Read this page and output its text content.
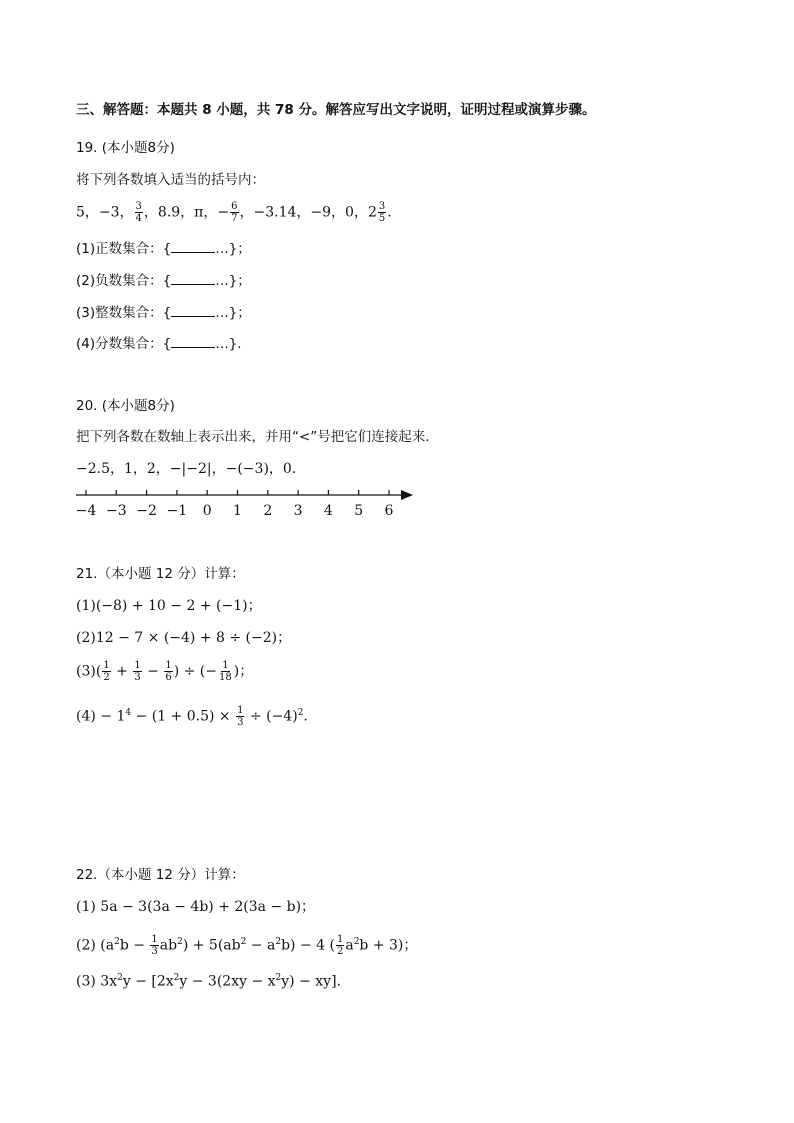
三、解答题：本题共 8 小题，共 78 分。解答应写出文字说明，证明过程或演算步骤。
19. (本小题8分)
将下列各数填入适当的括号内：
5，−3， $\frac{3}{4}$ ，8.9，π，− $\frac{6}{7}$ ，−3.14，−9，0，$2 \frac{3}{5}$ .
(1)正数集合：{	…}；
(2)负数集合：{	…}；
(3)整数集合：{	…}；
(4)分数集合：{	…}.
20. (本小题8分)
把下列各数在数轴上表示出来，并用“<”号把它们连接起来.
−2.5，1，2，−|−2|，−(−3)，0.
−4 −3 −2 −1 0 1 2 3 4 5 6
21.（本小题 12 分）计算：
(1)(−8) + 10 − 2 + (−1)；
(2)12 − 7 × (−4) + 8 ÷ (−2)；
$(3)( \frac{1}{2} + \frac{1}{3} - \frac{1}{6}$ ) ÷ (− $\frac{1}{18}$ )；
$(4) - 1^4 - (1 + 0.5) \times \frac{1}{3} \div (-4)^2$.
22.（本小题 12 分）计算：
(1) 5a − 3(3a − 4b) + 2(3a − b)；
(2) $(a^2b - \frac{1}{3} ab^2) + 5(ab^2 - a^2b) - 4$ ( $\frac{1}{2} a^2b + 3$)；
(3) $3x^2y - [2x^2y - 3(2xy - x^2y) - xy]$.
